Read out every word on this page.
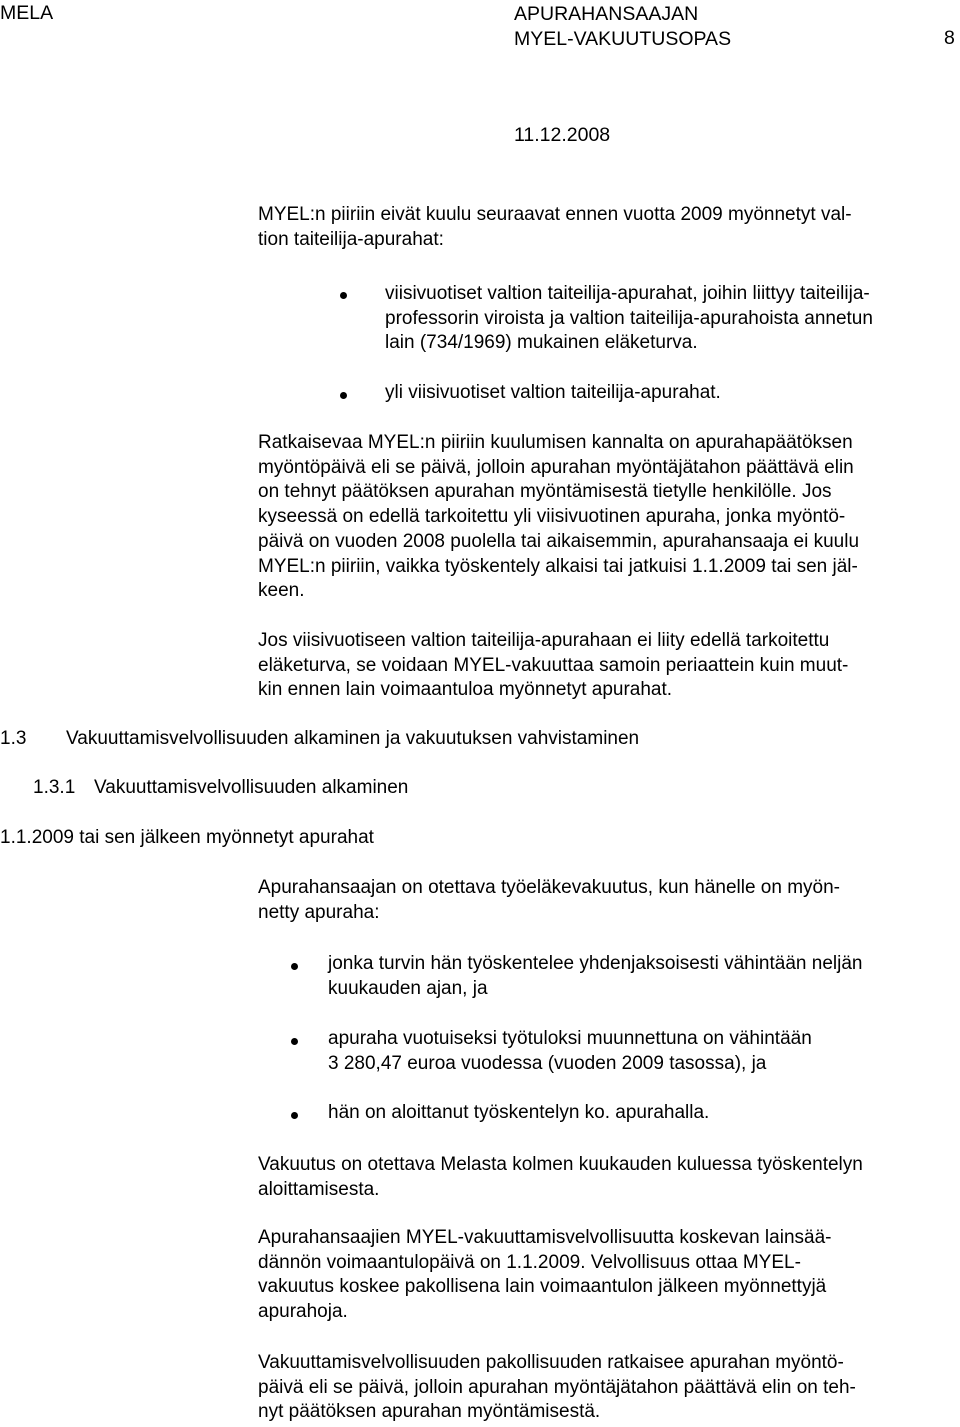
MELA	APURAHANSAAJAN
MYEL-VAKUUTUSOPAS	8
11.12.2008
MYEL:n piiriin eivät kuulu seuraavat ennen vuotta 2009 myönnetyt val-
tion taiteilija-apurahat:
viisivuotiset valtion taiteilija-apurahat, joihin liittyy taiteilija-
professorin viroista ja valtion taiteilija-apurahoista annetun
lain (734/1969) mukainen eläketurva.
yli viisivuotiset valtion taiteilija-apurahat.
Ratkaisevaa MYEL:n piiriin kuulumisen kannalta on apurahapäätöksen
myöntöpäivä eli se päivä, jolloin apurahan myöntäjätahon päättävä elin
on tehnyt päätöksen apurahan myöntämisestä tietylle henkilölle. Jos
kyseessä on edellä tarkoitettu yli viisivuotinen apuraha, jonka myöntö-
päivä on vuoden 2008 puolella tai aikaisemmin, apurahansaaja ei kuulu
MYEL:n piiriin, vaikka työskentely alkaisi tai jatkuisi 1.1.2009 tai sen jäl-
keen.
Jos viisivuotiseen valtion taiteilija-apurahaan ei liity edellä tarkoitettu
eläketurva, se voidaan MYEL-vakuuttaa samoin periaattein kuin muut-
kin ennen lain voimaantuloa myönnetyt apurahat.
1.3 Vakuuttamisvelvollisuuden alkaminen ja vakuutuksen vahvistaminen
1.3.1 Vakuuttamisvelvollisuuden alkaminen
1.1.2009 tai sen jälkeen myönnetyt apurahat
Apurahansaajan on otettava työeläkevakuutus, kun hänelle on myön-
netty apuraha:
jonka turvin hän työskentelee yhdenjaksoisesti vähintään neljän
kuukauden ajan, ja
apuraha vuotuiseksi työtuloksi muunnettuna on vähintään
3 280,47 euroa vuodessa (vuoden 2009 tasossa), ja
hän on aloittanut työskentelyn ko. apurahalla.
Vakuutus on otettava Melasta kolmen kuukauden kuluessa työskentelyn
aloittamisesta.
Apurahansaajien MYEL-vakuuttamisvelvollisuutta koskevan lainsää-
dännön voimaantulopäivä on 1.1.2009. Velvollisuus ottaa MYEL-
vakuutus koskee pakollisena lain voimaantulon jälkeen myönnettyjä
apurahoja.
Vakuuttamisvelvollisuuden pakollisuuden ratkaisee apurahan myöntö-
päivä eli se päivä, jolloin apurahan myöntäjätahon päättävä elin on teh-
nyt päätöksen apurahan myöntämisestä.
